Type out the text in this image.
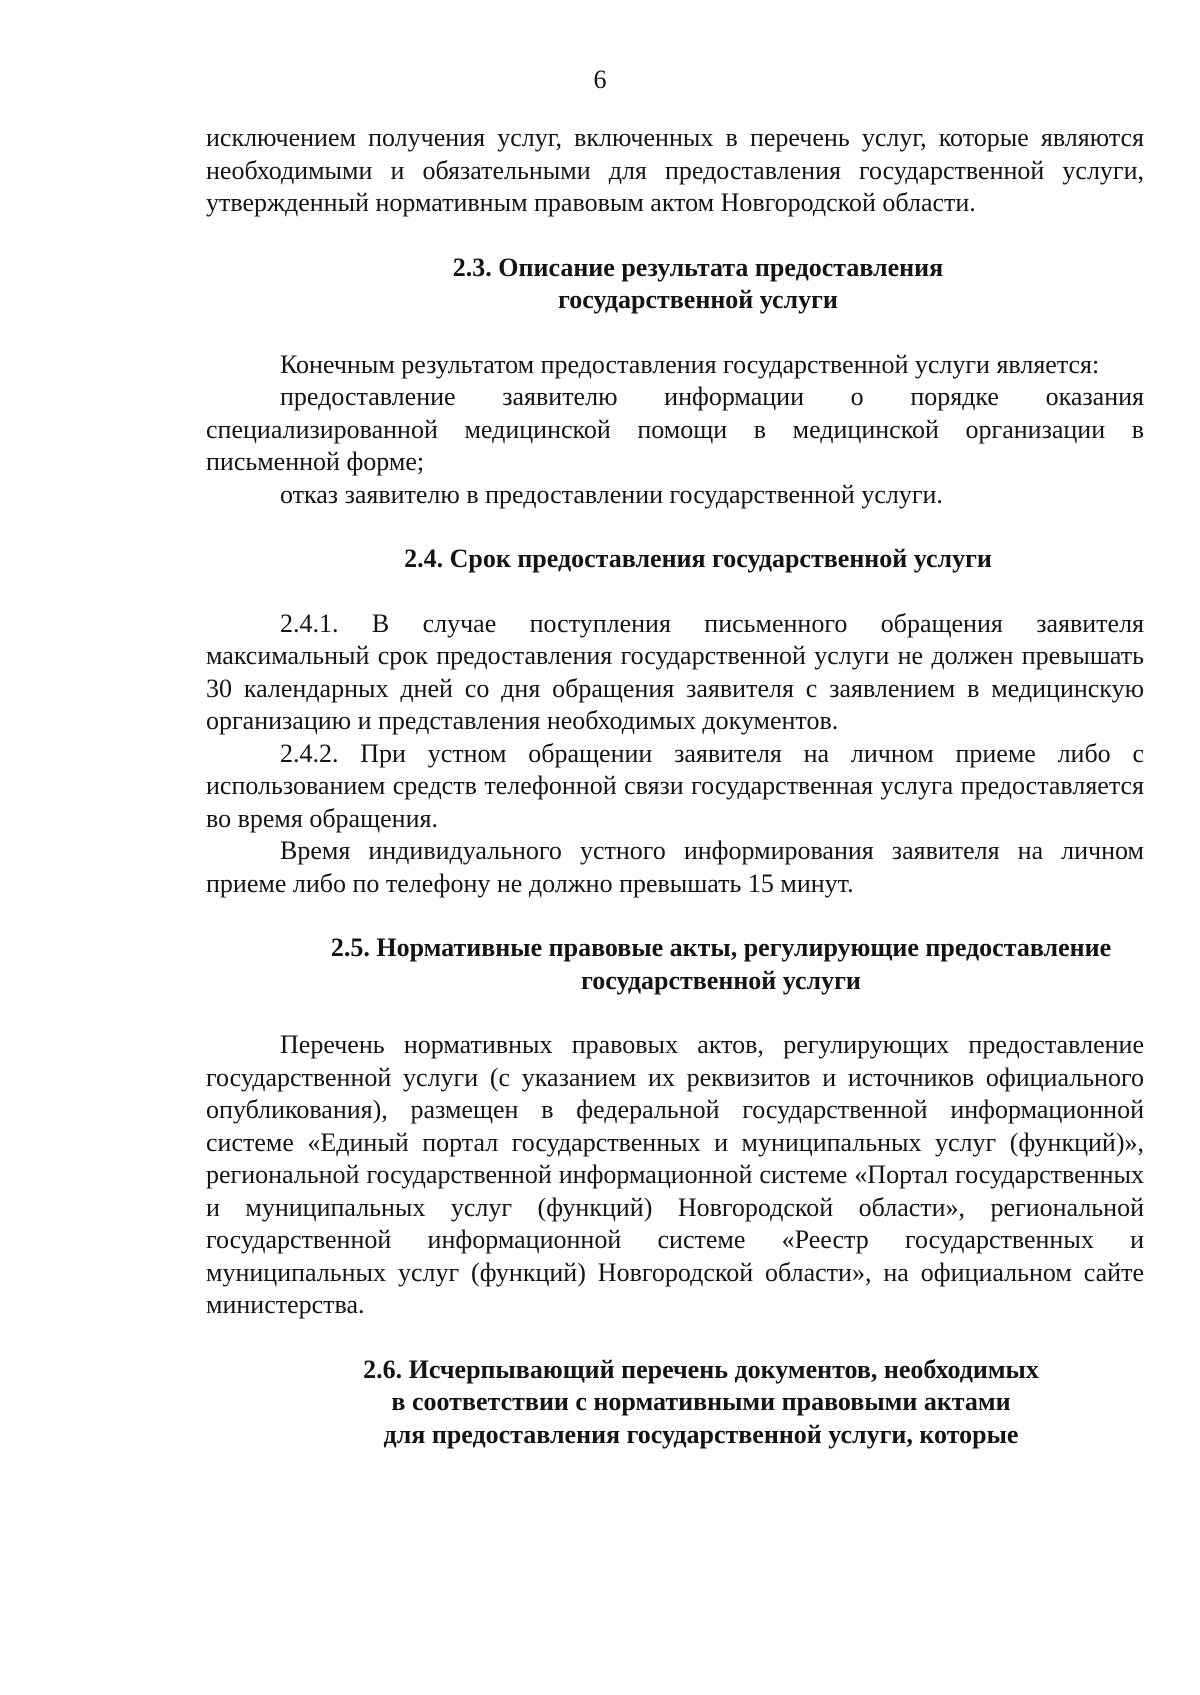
6

исключением получения услуг, включенных в перечень услуг, которые являются необходимыми и обязательными для предоставления государственной услуги, утвержденный нормативным правовым актом Новгородской области.

2.3. Описание результата предоставления
государственной услуги

Конечным результатом предоставления государственной услуги является:

предоставление заявителю информации о порядке оказания специализированной медицинской помощи в медицинской организации в письменной форме;

отказ заявителю в предоставлении государственной услуги.

2.4. Срок предоставления государственной услуги

2.4.1. В случае поступления письменного обращения заявителя максимальный срок предоставления государственной услуги не должен превышать 30 календарных дней со дня обращения заявителя с заявлением в медицинскую организацию и представления необходимых документов.

2.4.2. При устном обращении заявителя на личном приеме либо с использованием средств телефонной связи государственная услуга предоставляется во время обращения.

Время индивидуального устного информирования заявителя на личном приеме либо по телефону не должно превышать 15 минут.

2.5. Нормативные правовые акты, регулирующие предоставление
государственной услуги

Перечень нормативных правовых актов, регулирующих предоставление государственной услуги (с указанием их реквизитов и источников официального опубликования), размещен в федеральной государственной информационной системе «Единый портал государственных и муниципальных услуг (функций)», региональной государственной информационной системе «Портал государственных и муниципальных услуг (функций) Новгородской области», региональной государственной информационной системе «Реестр государственных и муниципальных услуг (функций) Новгородской области», на официальном сайте министерства.

2.6. Исчерпывающий перечень документов, необходимых
в соответствии с нормативными правовыми актами
для предоставления государственной услуги, которые
